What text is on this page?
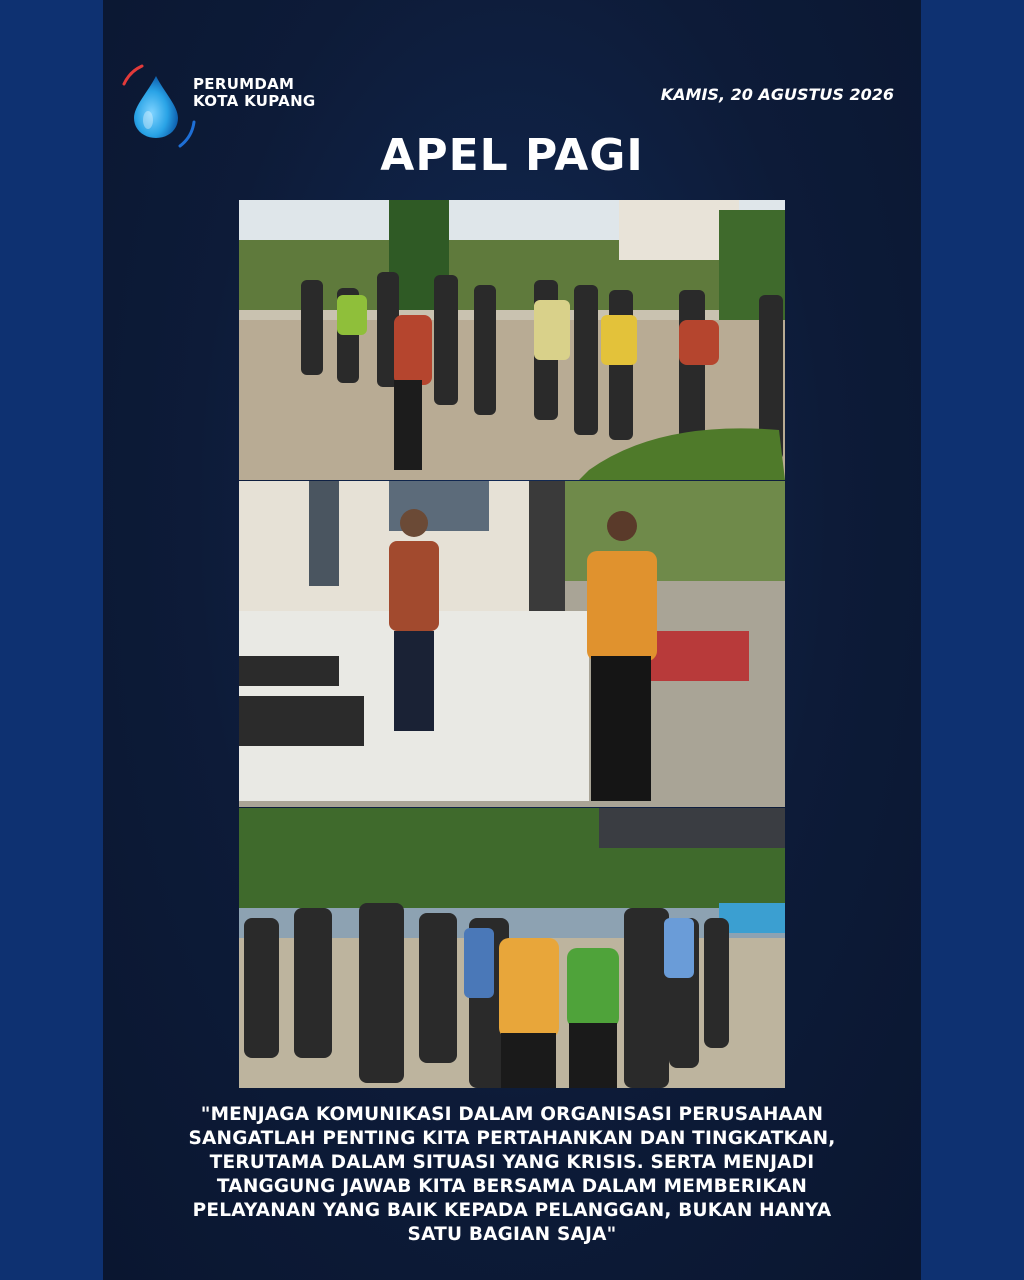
PERUMDAM
KOTA KUPANG	KAMIS, 20 AGUSTUS 2026
APEL PAGI
"MENJAGA KOMUNIKASI DALAM ORGANISASI PERUSAHAAN
SANGATLAH PENTING KITA PERTAHANKAN DAN TINGKATKAN,
TERUTAMA DALAM SITUASI YANG KRISIS. SERTA MENJADI
TANGGUNG JAWAB KITA BERSAMA DALAM MEMBERIKAN
PELAYANAN YANG BAIK KEPADA PELANGGAN, BUKAN HANYA
SATU BAGIAN SAJA"
